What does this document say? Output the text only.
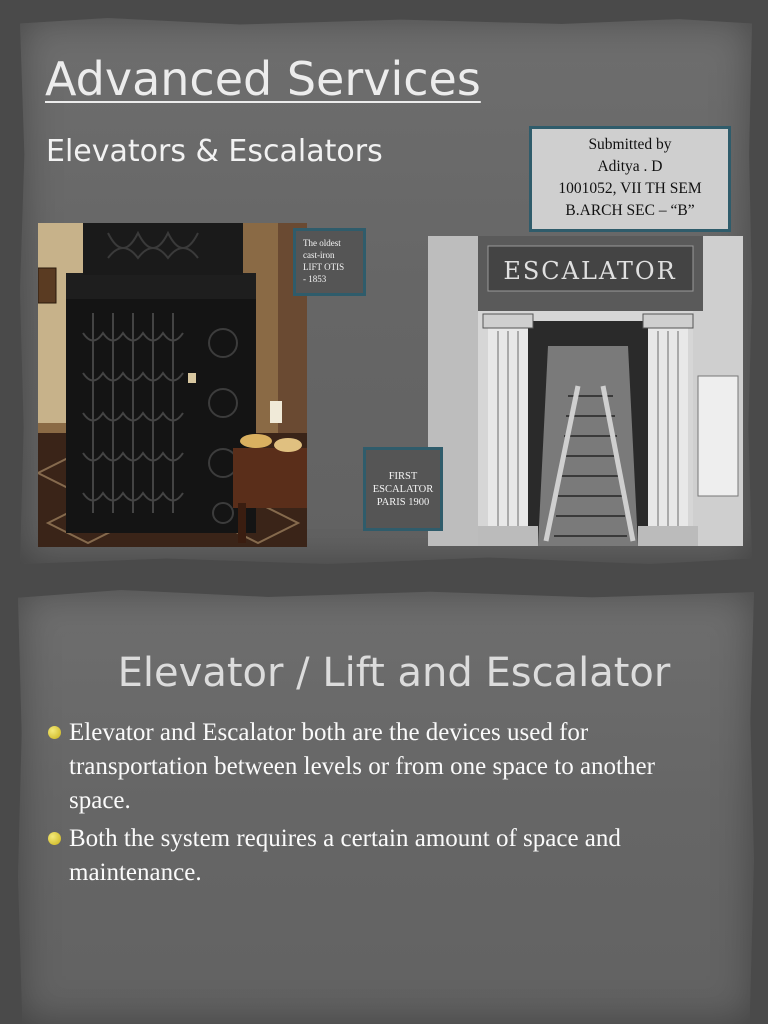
Advanced Services
Elevators & Escalators	Submitted by
Aditya . D
1001052, VII TH SEM
B.ARCH SEC – “B”
The oldest
cast-iron
LIFT OTIS
- 1853	ESCALATOR
FIRST
ESCALATOR
PARIS 1900
Elevator / Lift and Escalator
Elevator and Escalator both are the devices used for transportation between levels or from one space to another space.
Both the system requires a certain amount of space and maintenance.
